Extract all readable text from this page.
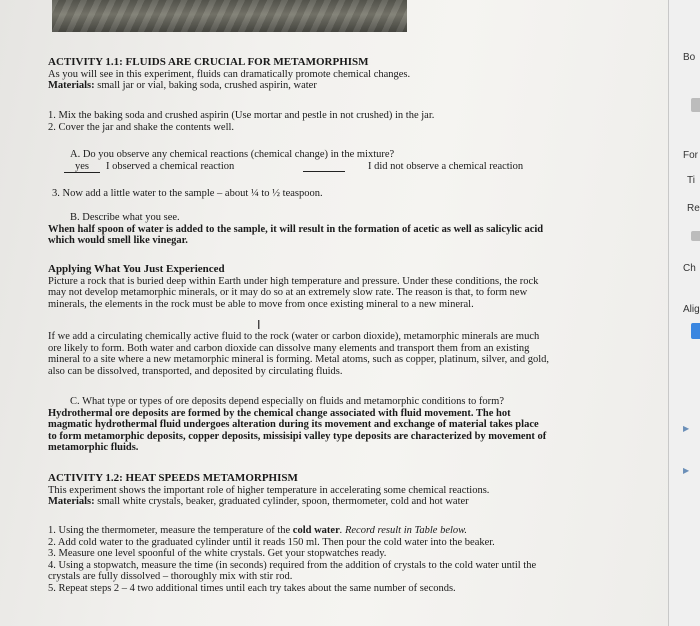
ACTIVITY 1.1: FLUIDS ARE CRUCIAL FOR METAMORPHISM
As you will see in this experiment, fluids can dramatically promote chemical changes.
Materials: small jar or vial, baking soda, crushed aspirin, water
1. Mix the baking soda and crushed aspirin (Use mortar and pestle in not crushed) in the jar.
2. Cover the jar and shake the contents well.
A. Do you observe any chemical reactions (chemical change) in the mixture?
yes	I observed a chemical reaction	I did not observe a chemical reaction
3. Now add a little water to the sample – about ¼ to ½ teaspoon.
B. Describe what you see.
When half spoon of water is added to the sample, it will result in the formation of acetic as well as salicylic acid
which would smell like vinegar.
Applying What You Just Experienced
Picture a rock that is buried deep within Earth under high temperature and pressure. Under these conditions, the rock
may not develop metamorphic minerals, or it may do so at an extremely slow rate. The reason is that, to form new
minerals, the elements in the rock must be able to move from once existing mineral to a new mineral.
If we add a circulating chemically active fluid to the rock (water or carbon dioxide), metamorphic minerals are much
ore likely to form. Both water and carbon dioxide can dissolve many elements and transport them from an existing
mineral to a site where a new metamorphic mineral is forming. Metal atoms, such as copper, platinum, silver, and gold,
also can be dissolved, transported, and deposited by circulating fluids.
C. What type or types of ore deposits depend especially on fluids and metamorphic conditions to form?
Hydrothermal ore deposits are formed by the chemical change associated with fluid movement. The hot
magmatic hydrothermal fluid undergoes alteration during its movement and exchange of material takes place
to form metamorphic deposits, copper deposits, missisipi valley type deposits are characterized by movement of
metamorphic fluids.
ACTIVITY 1.2: HEAT SPEEDS METAMORPHISM
This experiment shows the important role of higher temperature in accelerating some chemical reactions.
Materials: small white crystals, beaker, graduated cylinder, spoon, thermometer, cold and hot water
1. Using the thermometer, measure the temperature of the cold water. Record result in Table below.
2. Add cold water to the graduated cylinder until it reads 150 ml. Then pour the cold water into the beaker.
3. Measure one level spoonful of the white crystals. Get your stopwatches ready.
4. Using a stopwatch, measure the time (in seconds) required from the addition of crystals to the cold water until the
crystals are fully dissolved – thoroughly mix with stir rod.
5. Repeat steps 2 – 4 two additional times until each try takes about the same number of seconds.
I
Bo
For
Ti
Re
Ch
Alig
▶
▶
